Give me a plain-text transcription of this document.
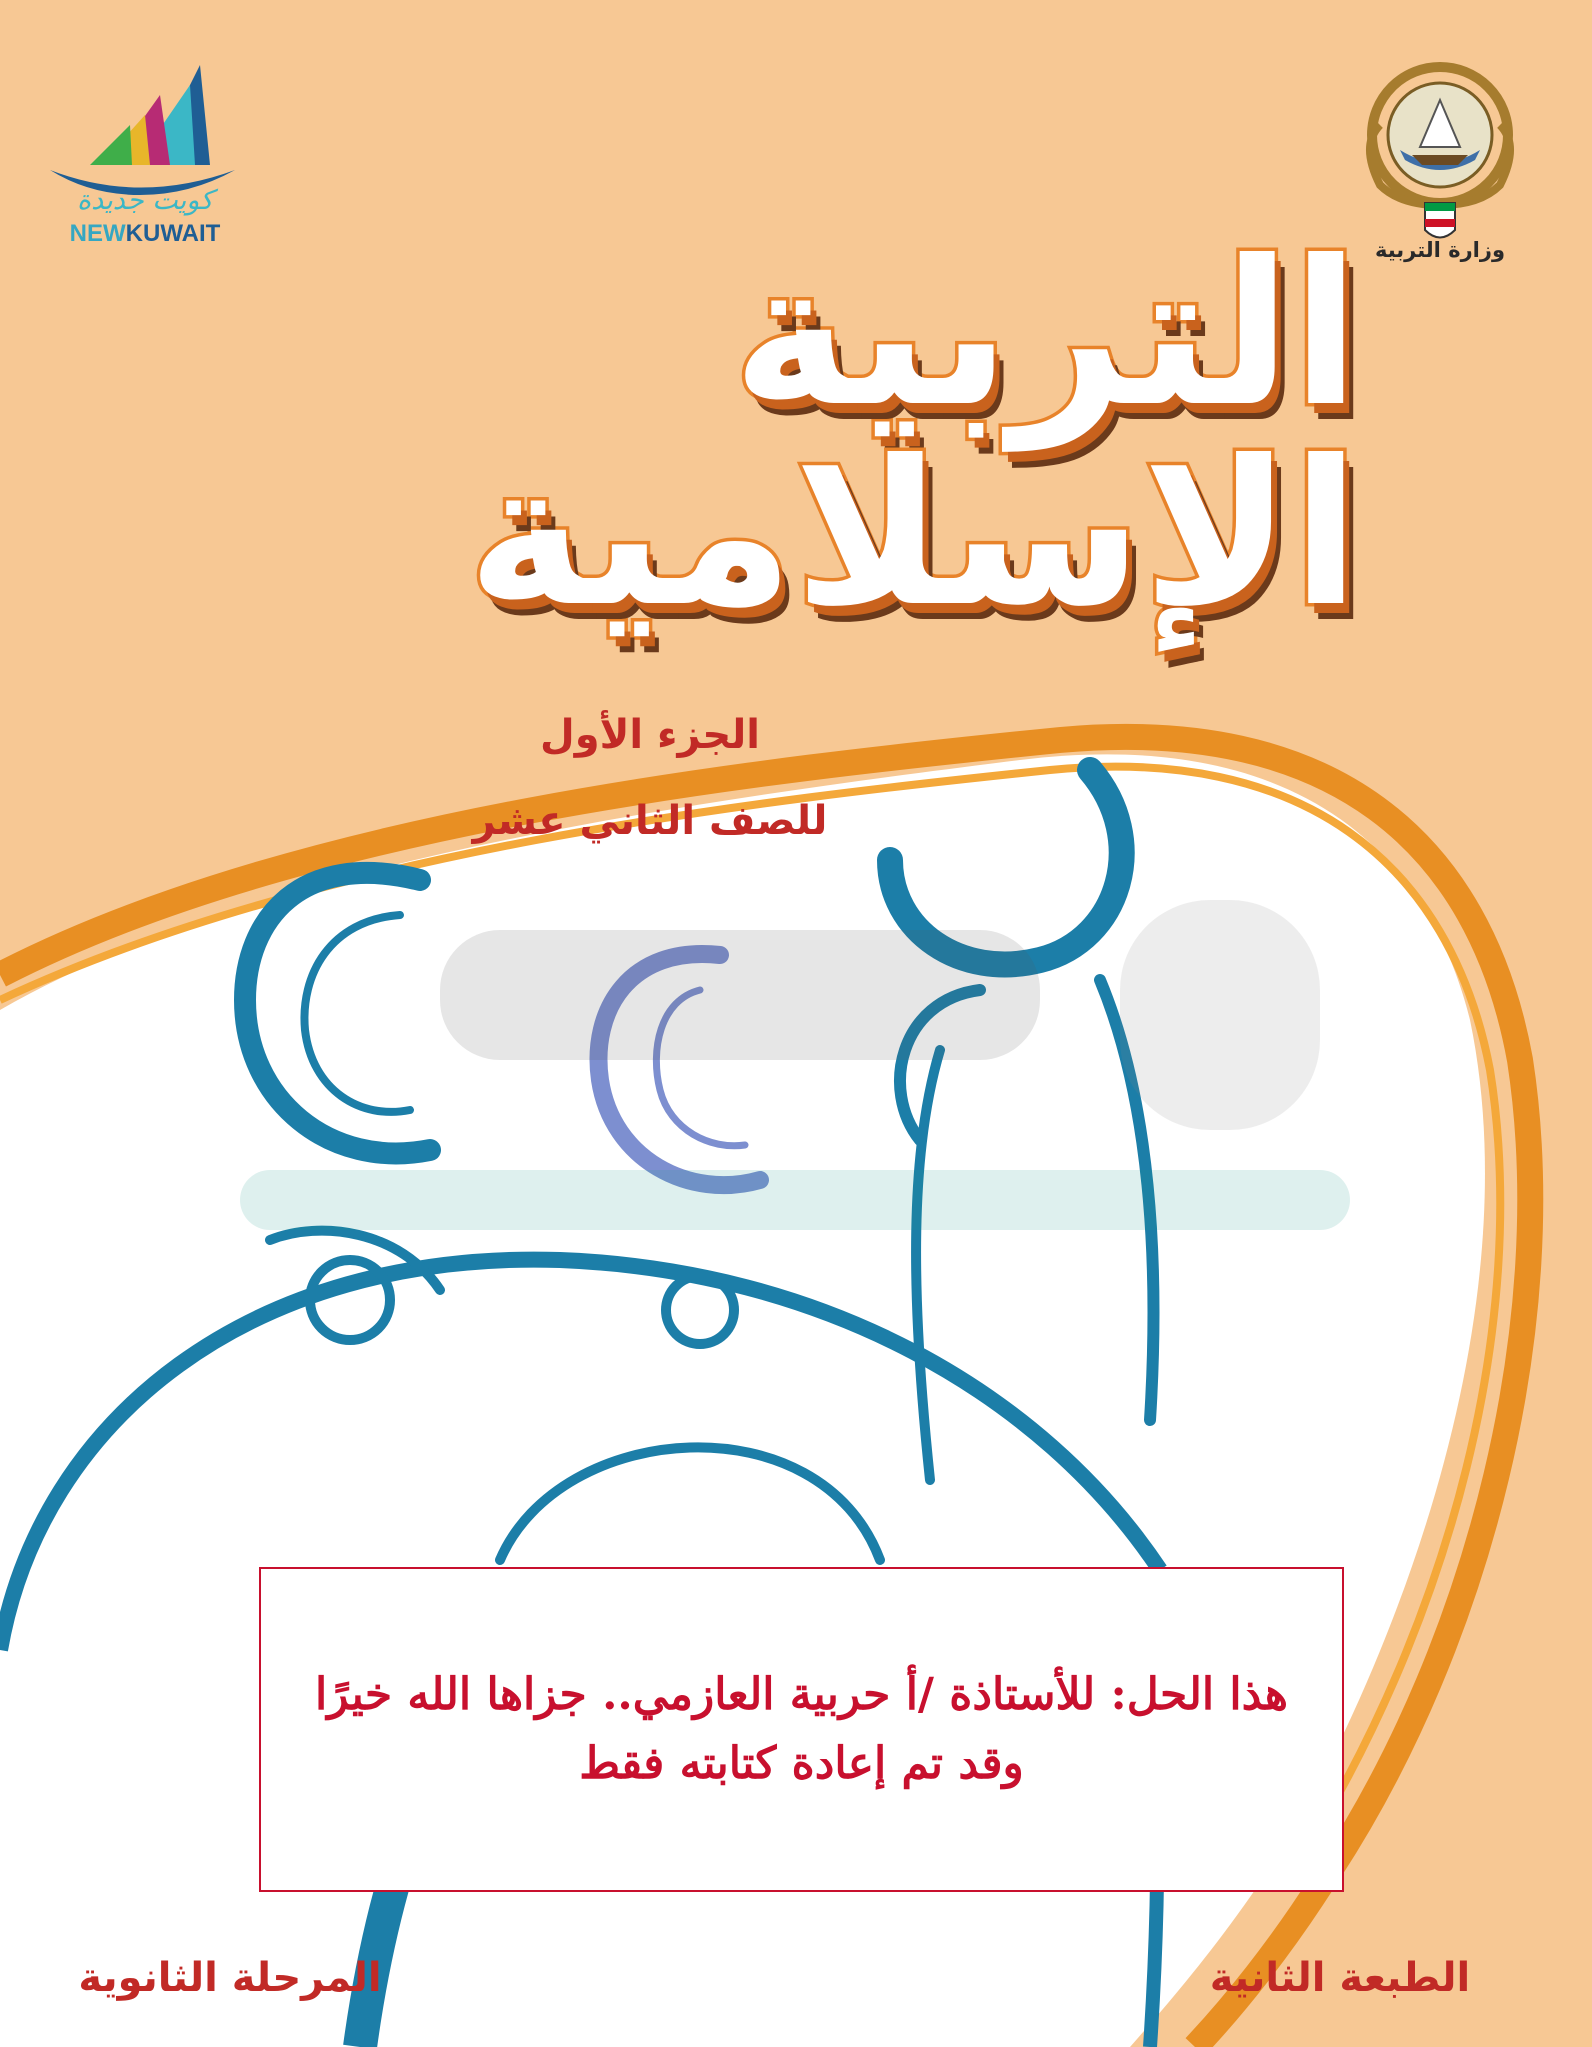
وزارة التربية
كويت جديدة
NEWKUWAIT	التربية الإسلامية
الجزء الأول
للصف الثاني عشر
هذا الحل: للأستاذة /أ حربية العازمي.. جزاها الله خيرًا
وقد تم إعادة كتابته فقط
المرحلة الثانوية	الطبعة الثانية
